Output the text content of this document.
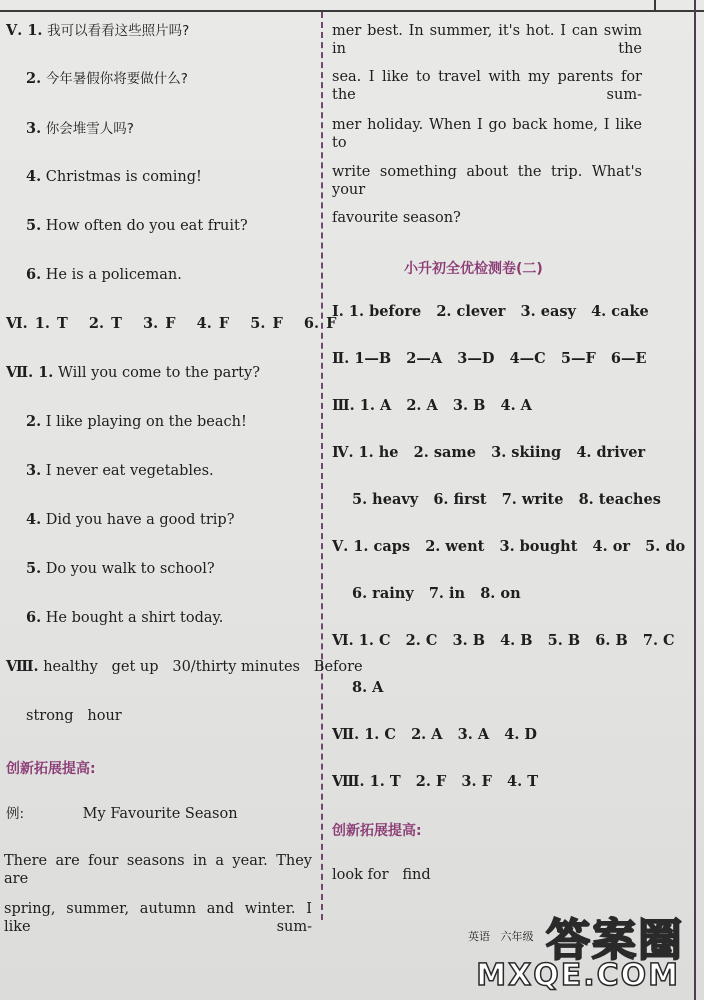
Ⅴ. 1. 我可以看看这些照片吗?
2. 今年暑假你将要做什么?
3. 你会堆雪人吗?
4. Christmas is coming!
5. How often do you eat fruit?
6. He is a policeman.
Ⅵ. 1. T   2. T   3. F   4. F   5. F   6. F
Ⅶ. 1. Will you come to the party?
2. I like playing on the beach!
3. I never eat vegetables.
4. Did you have a good trip?
5. Do you walk to school?
6. He bought a shirt today.
Ⅷ. healthy   get up   30/thirty minutes   Before
strong   hour
创新拓展提高:
例:	My Favourite Season
There are four seasons in a year. They are
spring, summer, autumn and winter. I like sum-
mer best. In summer, it's hot. I can swim in the
sea. I like to travel with my parents for the sum-
mer holiday. When I go back home, I like to
write something about the trip. What's your
favourite season?
小升初全优检测卷(二)
Ⅰ. 1. before   2. clever   3. easy   4. cake
Ⅱ. 1—B   2—A   3—D   4—C   5—F   6—E
Ⅲ. 1. A   2. A   3. B   4. A
Ⅳ. 1. he   2. same   3. skiing   4. driver
5. heavy   6. first   7. write   8. teaches
Ⅴ. 1. caps   2. went   3. bought   4. or   5. do
6. rainy   7. in   8. on
Ⅵ. 1. C   2. C   3. B   4. B   5. B   6. B   7. C
8. A
Ⅶ. 1. C   2. A   3. A   4. D
Ⅷ. 1. T   2. F   3. F   4. T
创新拓展提高:
look for   find
英语   六年级 答案圈
MXQE.COM
